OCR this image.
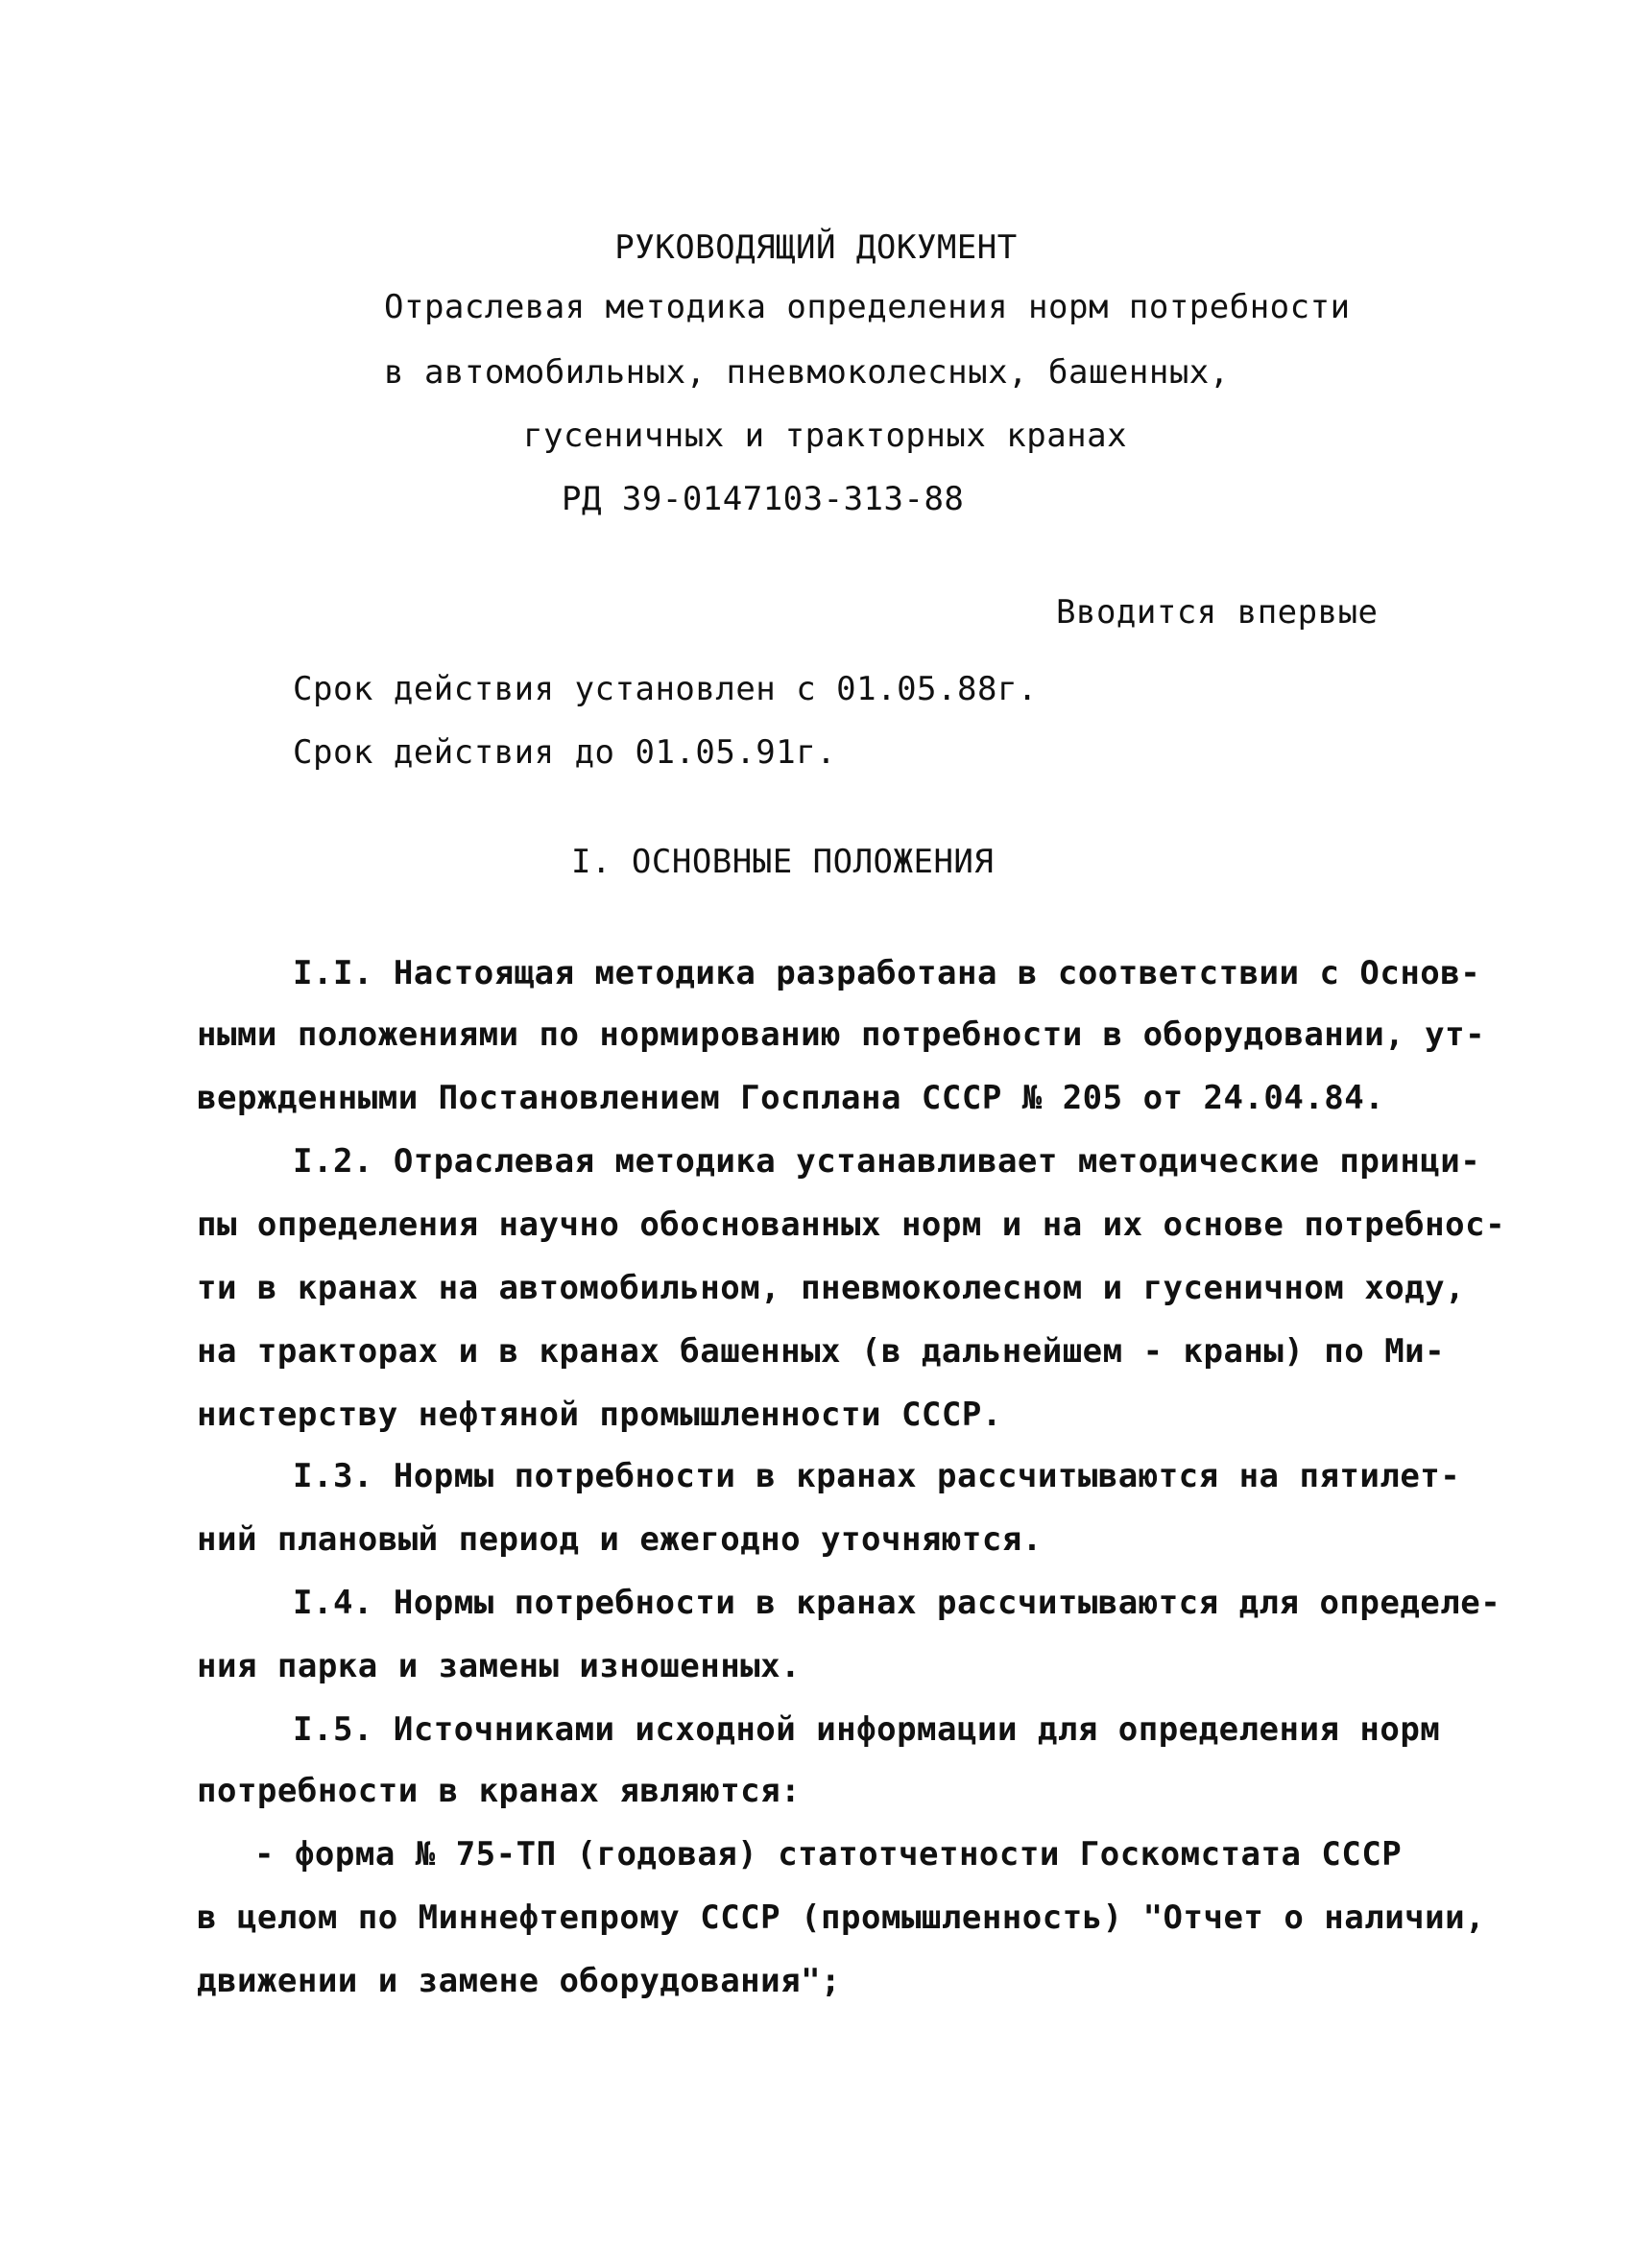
РУКОВОДЯЩИЙ ДОКУМЕНТ
Отраслевая методика определения норм потребности
в автомобильных, пневмоколесных, башенных,
гусеничных и тракторных кранах
РД 39-0147103-313-88
Вводится впервые
Срок действия установлен с 01.05.88г.
Срок действия до 01.05.91г.
I. ОСНОВНЫЕ ПОЛОЖЕНИЯ
I.I. Настоящая методика разработана в соответствии с Основ-
ными положениями по нормированию потребности в оборудовании, ут-
вержденными Постановлением Госплана СССР № 205 от 24.04.84.
I.2. Отраслевая методика устанавливает методические принци-
пы определения научно обоснованных норм и на их основе потребнос-
ти в кранах на автомобильном, пневмоколесном и гусеничном ходу,
на тракторах и в кранах башенных (в дальнейшем - краны) по Ми-
нистерству нефтяной промышленности СССР.
I.3. Нормы потребности в кранах рассчитываются на пятилет-
ний плановый период и ежегодно уточняются.
I.4. Нормы потребности в кранах рассчитываются для определе-
ния парка и замены изношенных.
I.5. Источниками исходной информации для определения норм
потребности в кранах являются:
- форма № 75-ТП (годовая) статотчетности Госкомстата СССР
в целом по Миннефтепрому СССР (промышленность) "Отчет о наличии,
движении и замене оборудования";
